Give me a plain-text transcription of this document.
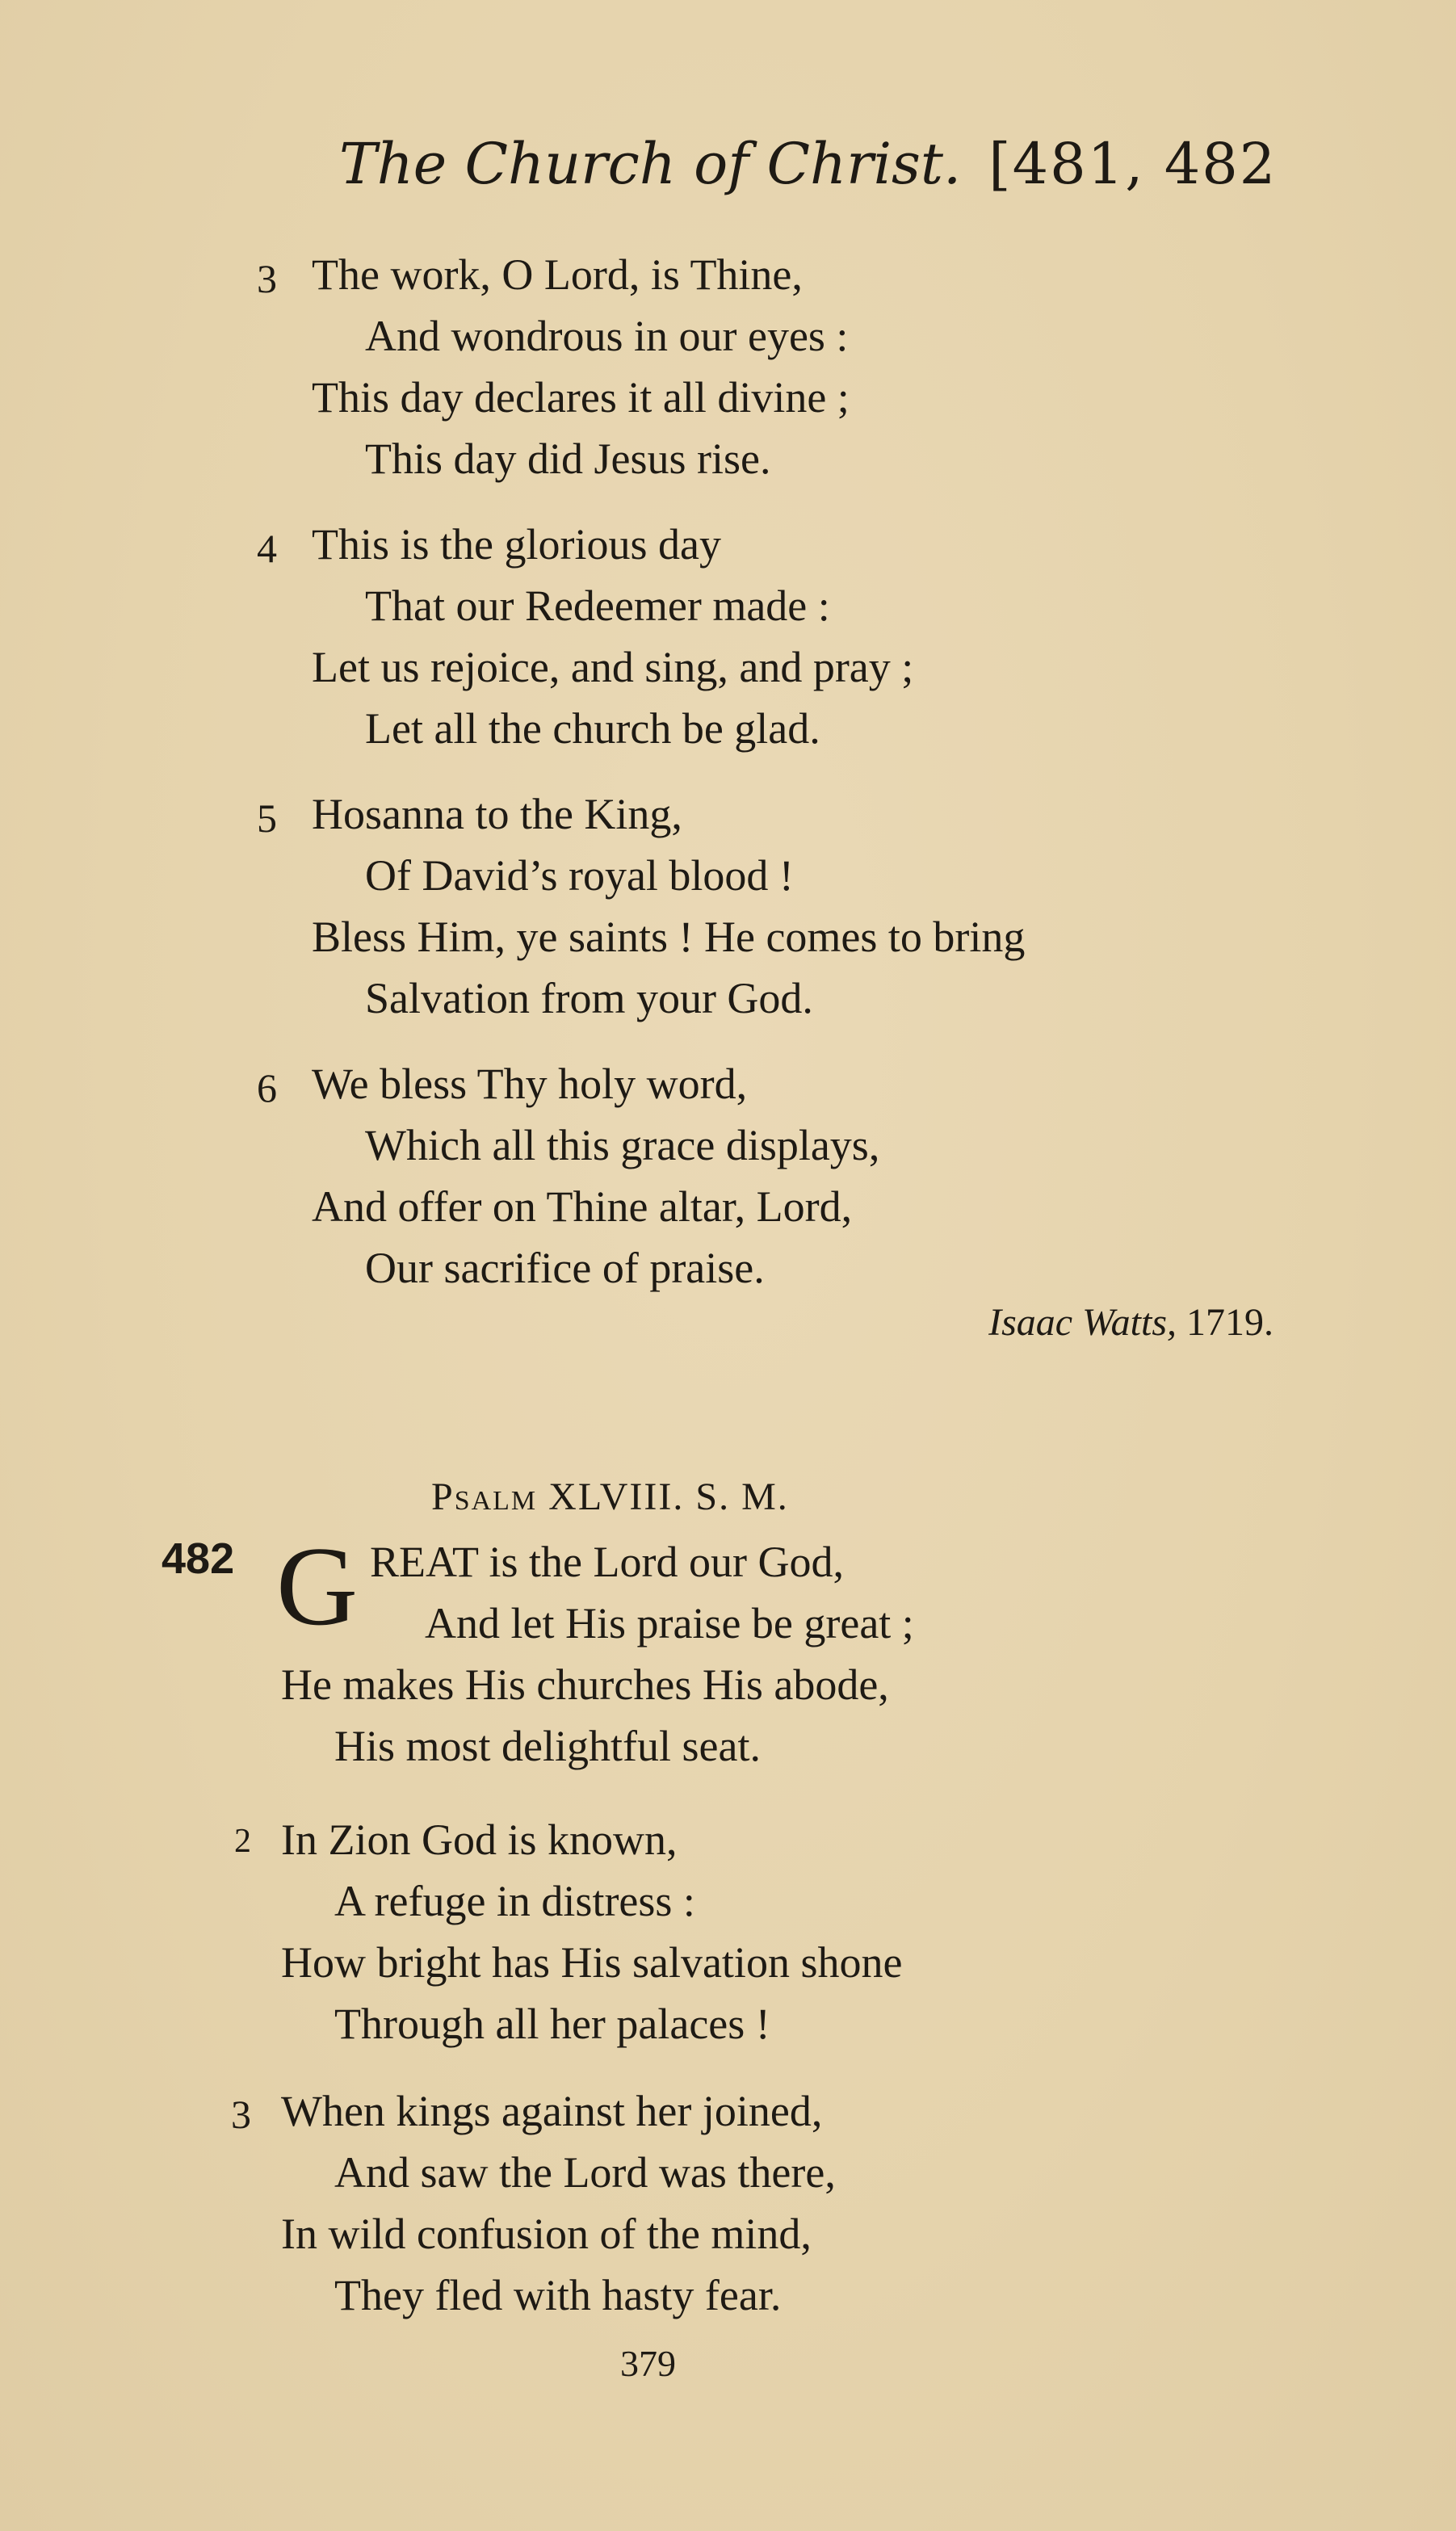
The Church of Christ. [481, 482
3 The work, O Lord, is Thine,
And wondrous in our eyes :
This day declares it all divine ;
This day did Jesus rise.
4 This is the glorious day
That our Redeemer made :
Let us rejoice, and sing, and pray ;
Let all the church be glad.
5 Hosanna to the King,
Of David’s royal blood !
Bless Him, ye saints ! He comes to bring
Salvation from your God.
6 We bless Thy holy word,
Which all this grace displays,
And offer on Thine altar, Lord,
Our sacrifice of praise.
Isaac Watts, 1719.
Psalm XLVIII. S. M.
482 G REAT is the Lord our God,
And let His praise be great ;
He makes His churches His abode,
His most delightful seat.
2 In Zion God is known,
A refuge in distress :
How bright has His salvation shone
Through all her palaces !
3 When kings against her joined,
And saw the Lord was there,
In wild confusion of the mind,
They fled with hasty fear.
379
